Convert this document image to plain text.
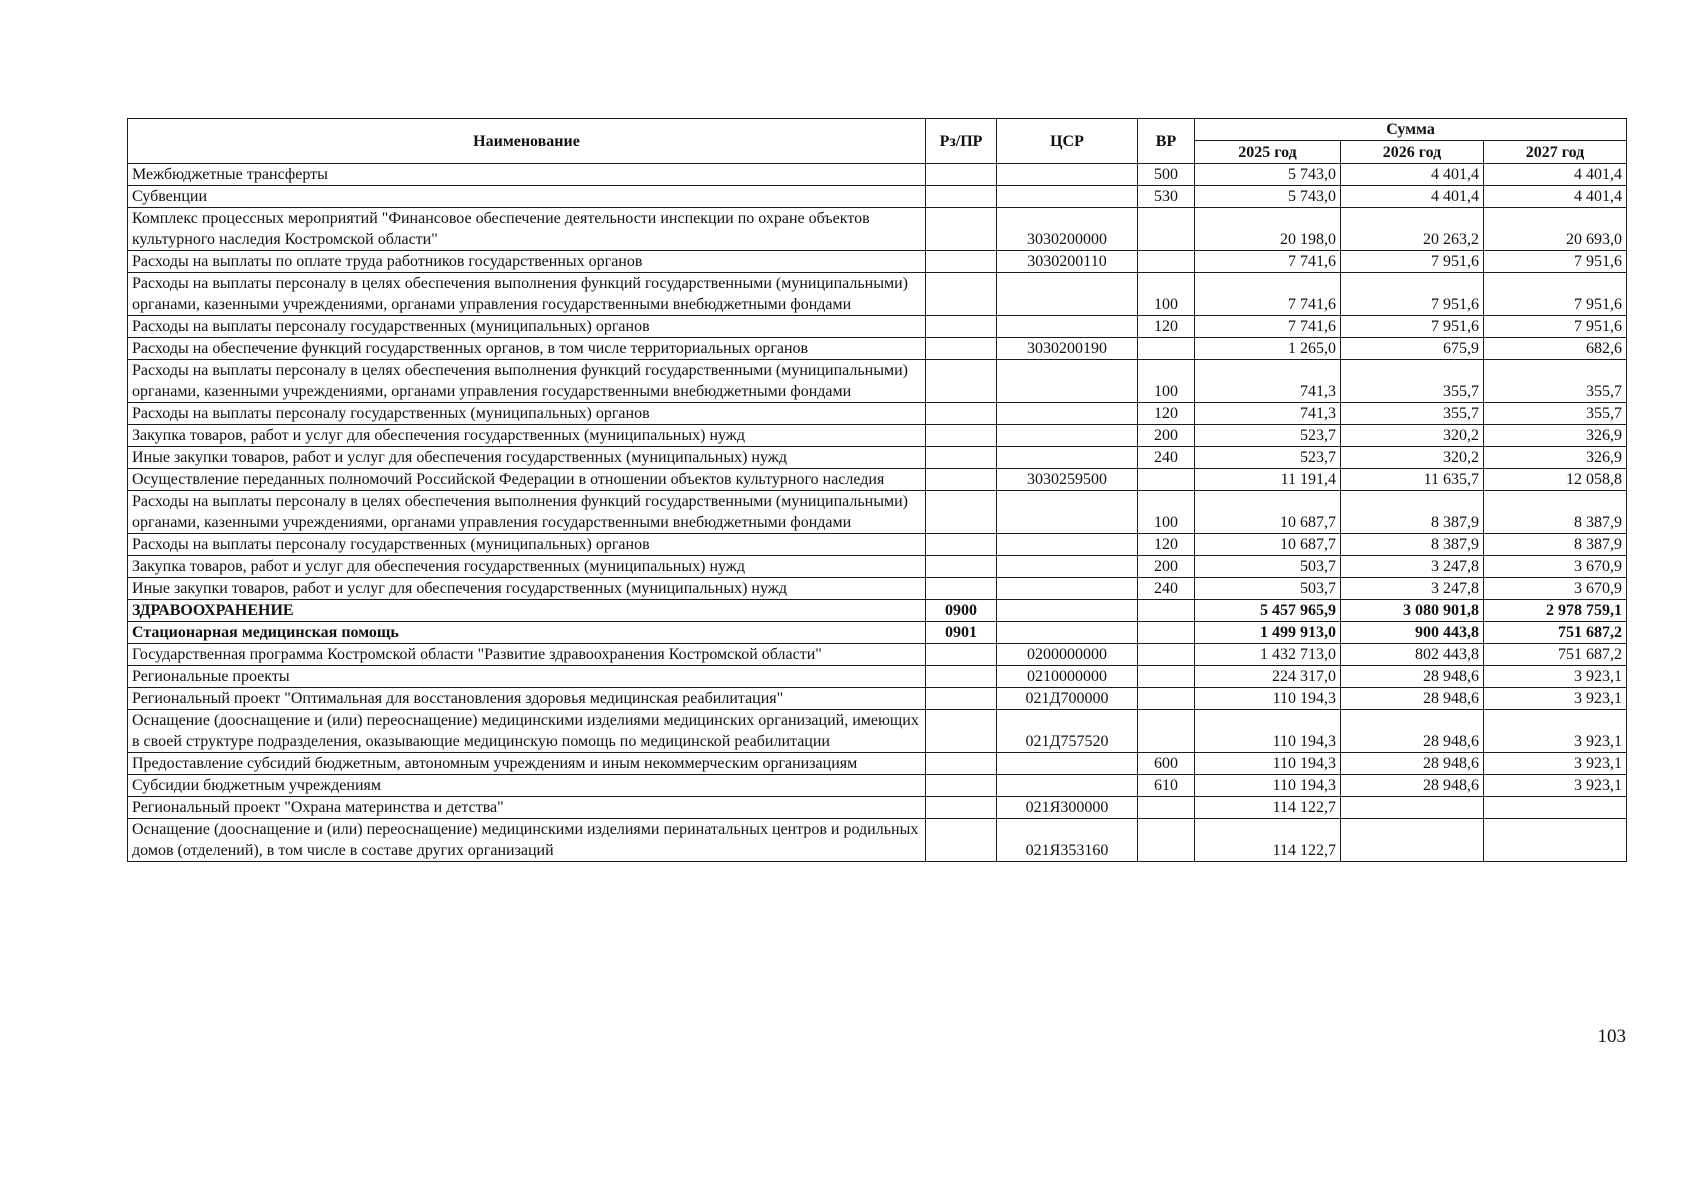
Наименование	Рз/ПР	ЦСР	ВР	Сумма		
				2025 год	2026 год	2027 год
Межбюджетные трансферты			500	5 743,0	4 401,4	4 401,4
Субвенции			530	5 743,0	4 401,4	4 401,4
Комплекс процессных мероприятий "Финансовое обеспечение деятельности инспекции по охране объектов культурного наследия Костромской области"		3030200000		20 198,0	20 263,2	20 693,0
Расходы на выплаты по оплате труда работников государственных органов		3030200110		7 741,6	7 951,6	7 951,6
Расходы на выплаты персоналу в целях обеспечения выполнения функций государственными (муниципальными) органами, казенными учреждениями, органами управления государственными внебюджетными фондами			100	7 741,6	7 951,6	7 951,6
Расходы на выплаты персоналу государственных (муниципальных) органов			120	7 741,6	7 951,6	7 951,6
Расходы на обеспечение функций государственных органов, в том числе территориальных органов		3030200190		1 265,0	675,9	682,6
Расходы на выплаты персоналу в целях обеспечения выполнения функций государственными (муниципальными) органами, казенными учреждениями, органами управления государственными внебюджетными фондами			100	741,3	355,7	355,7
Расходы на выплаты персоналу государственных (муниципальных) органов			120	741,3	355,7	355,7
Закупка товаров, работ и услуг для обеспечения государственных (муниципальных) нужд			200	523,7	320,2	326,9
Иные закупки товаров, работ и услуг для обеспечения государственных (муниципальных) нужд			240	523,7	320,2	326,9
Осуществление переданных полномочий Российской Федерации в отношении объектов культурного наследия		3030259500		11 191,4	11 635,7	12 058,8
Расходы на выплаты персоналу в целях обеспечения выполнения функций государственными (муниципальными) органами, казенными учреждениями, органами управления государственными внебюджетными фондами			100	10 687,7	8 387,9	8 387,9
Расходы на выплаты персоналу государственных (муниципальных) органов			120	10 687,7	8 387,9	8 387,9
Закупка товаров, работ и услуг для обеспечения государственных (муниципальных) нужд			200	503,7	3 247,8	3 670,9
Иные закупки товаров, работ и услуг для обеспечения государственных (муниципальных) нужд			240	503,7	3 247,8	3 670,9
ЗДРАВООХРАНЕНИЕ	0900			5 457 965,9	3 080 901,8	2 978 759,1
Стационарная медицинская помощь	0901			1 499 913,0	900 443,8	751 687,2
Государственная программа Костромской области "Развитие здравоохранения Костромской области"		0200000000		1 432 713,0	802 443,8	751 687,2
Региональные проекты		0210000000		224 317,0	28 948,6	3 923,1
Региональный проект "Оптимальная для восстановления здоровья медицинская реабилитация"		021Д700000		110 194,3	28 948,6	3 923,1
Оснащение (дооснащение и (или) переоснащение) медицинскими изделиями медицинских организаций, имеющих в своей структуре подразделения, оказывающие медицинскую помощь по медицинской реабилитации		021Д757520		110 194,3	28 948,6	3 923,1
Предоставление субсидий бюджетным, автономным учреждениям и иным некоммерческим организациям			600	110 194,3	28 948,6	3 923,1
Субсидии бюджетным учреждениям			610	110 194,3	28 948,6	3 923,1
Региональный проект "Охрана материнства и детства"		021Я300000		114 122,7		
Оснащение (дооснащение и (или) переоснащение) медицинскими изделиями перинатальных центров и родильных домов (отделений), в том числе в составе других организаций		021Я353160		114 122,7		
103
